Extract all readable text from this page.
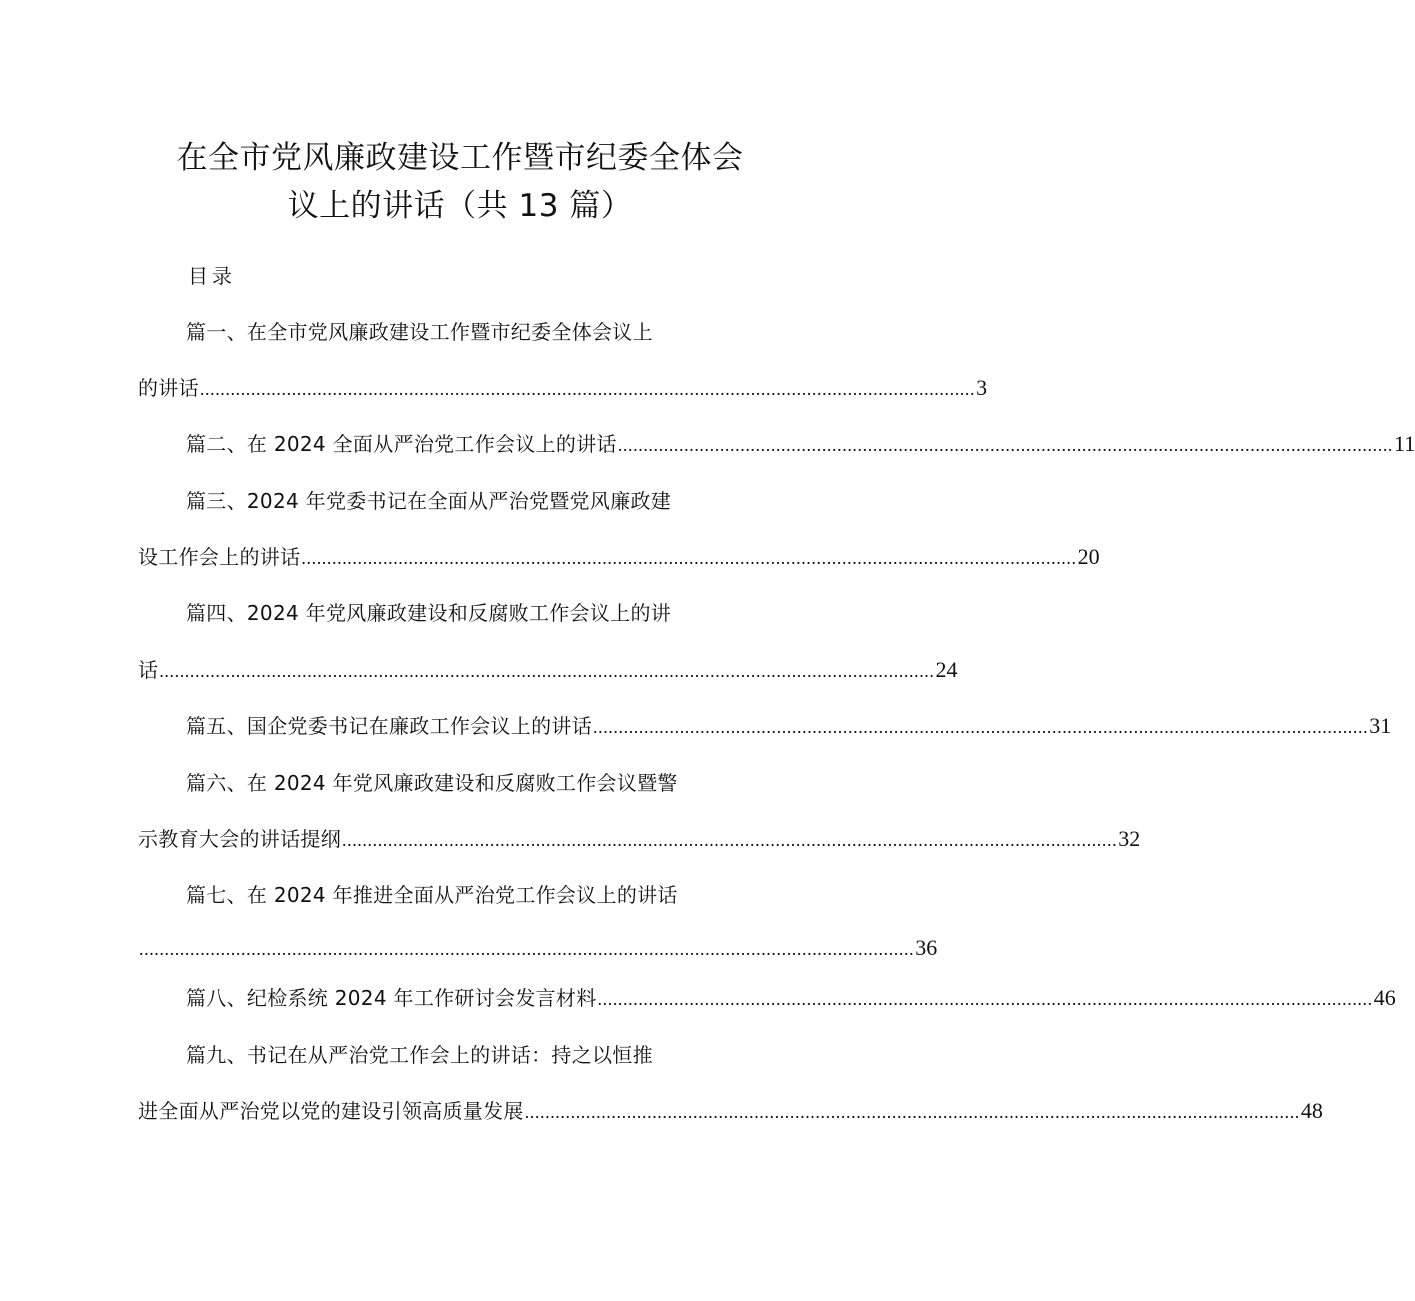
在全市党风廉政建设工作暨市纪委全体会
议上的讲话（共 13 篇）
目录
篇一、在全市党风廉政建设工作暨市纪委全体会议上
的讲话 ........................................................................................................................................................ 3
篇二、在 2024 全面从严治党工作会议上的讲话 ........................................................................................................................................................ 11
篇三、2024 年党委书记在全面从严治党暨党风廉政建
设工作会上的讲话 ........................................................................................................................................................ 20
篇四、2024 年党风廉政建设和反腐败工作会议上的讲
话 ........................................................................................................................................................ 24
篇五、国企党委书记在廉政工作会议上的讲话 ........................................................................................................................................................ 31
篇六、在 2024 年党风廉政建设和反腐败工作会议暨警
示教育大会的讲话提纲 ........................................................................................................................................................ 32
篇七、在 2024 年推进全面从严治党工作会议上的讲话
........................................................................................................................................................ 36
篇八、纪检系统 2024 年工作研讨会发言材料 ........................................................................................................................................................ 46
篇九、书记在从严治党工作会上的讲话：持之以恒推
进全面从严治党以党的建设引领高质量发展 ........................................................................................................................................................ 48
